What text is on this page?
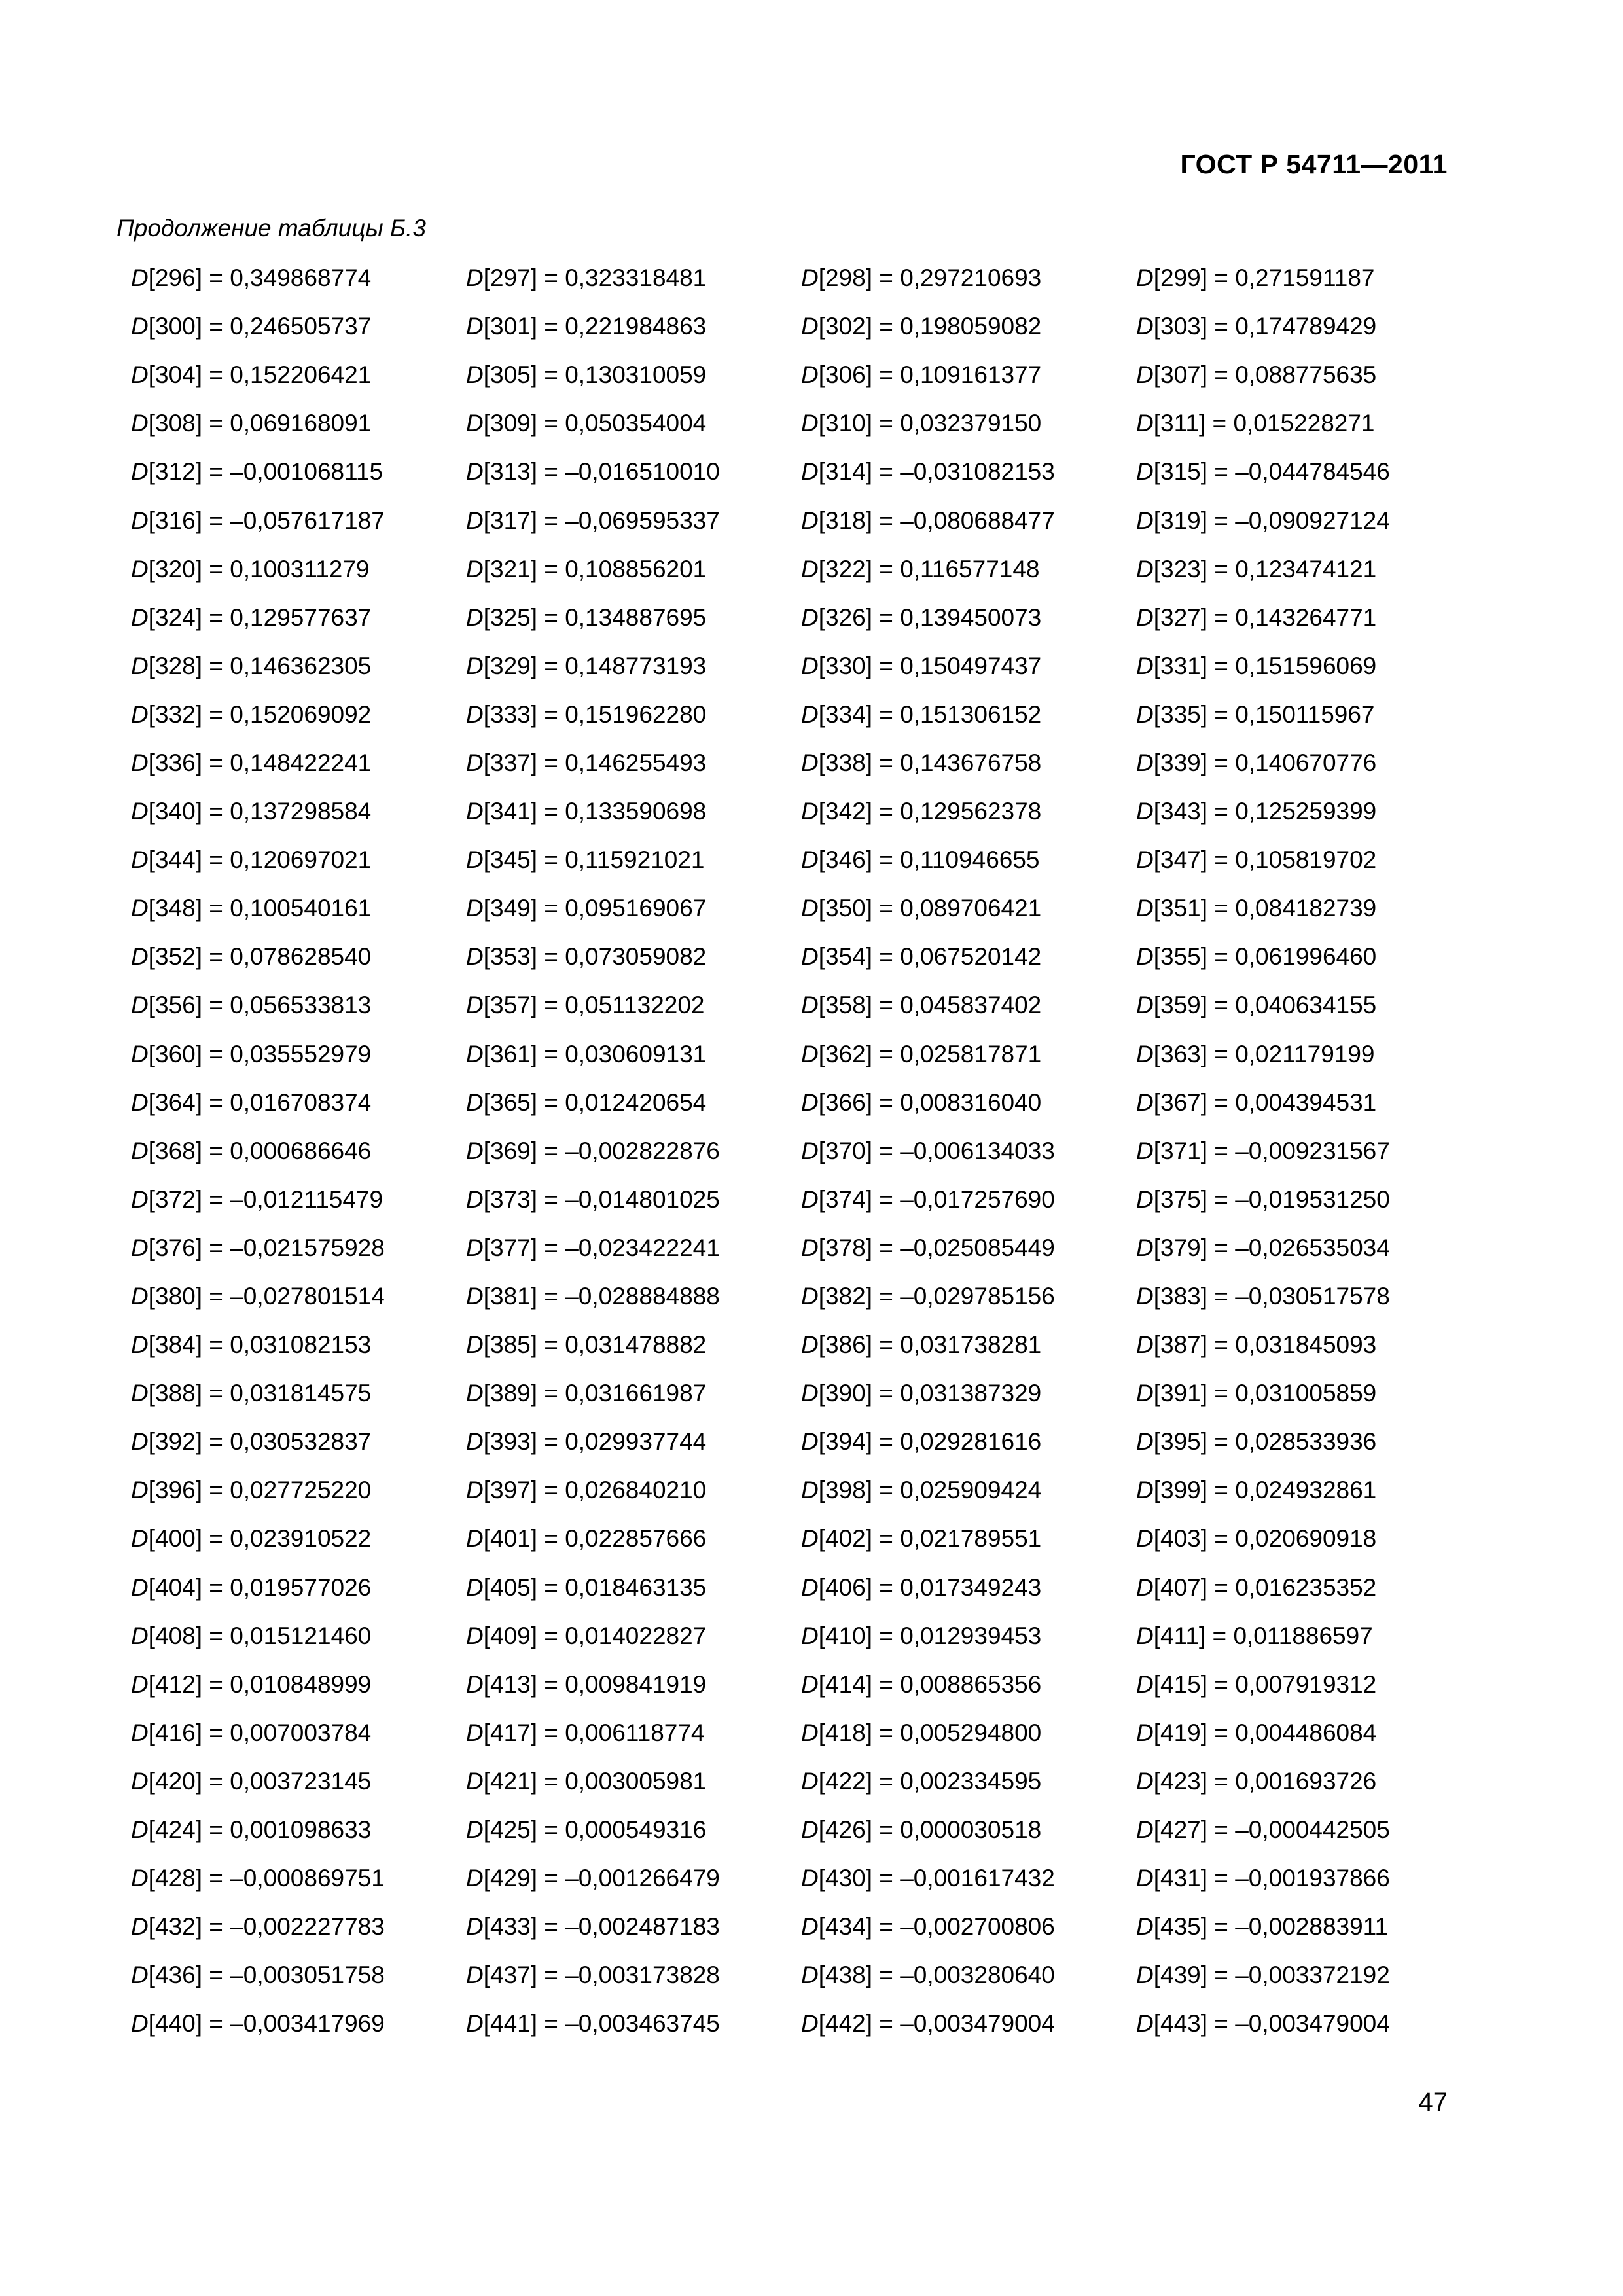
ГОСТ Р 54711—2011
Продолжение таблицы Б.3
D[296] = 0,349868774	D[297] = 0,323318481	D[298] = 0,297210693	D[299] = 0,271591187
D[300] = 0,246505737	D[301] = 0,221984863	D[302] = 0,198059082	D[303] = 0,174789429
D[304] = 0,152206421	D[305] = 0,130310059	D[306] = 0,109161377	D[307] = 0,088775635
D[308] = 0,069168091	D[309] = 0,050354004	D[310] = 0,032379150	D[311] = 0,015228271
D[312] = –0,001068115	D[313] = –0,016510010	D[314] = –0,031082153	D[315] = –0,044784546
D[316] = –0,057617187	D[317] = –0,069595337	D[318] = –0,080688477	D[319] = –0,090927124
D[320] = 0,100311279	D[321] = 0,108856201	D[322] = 0,116577148	D[323] = 0,123474121
D[324] = 0,129577637	D[325] = 0,134887695	D[326] = 0,139450073	D[327] = 0,143264771
D[328] = 0,146362305	D[329] = 0,148773193	D[330] = 0,150497437	D[331] = 0,151596069
D[332] = 0,152069092	D[333] = 0,151962280	D[334] = 0,151306152	D[335] = 0,150115967
D[336] = 0,148422241	D[337] = 0,146255493	D[338] = 0,143676758	D[339] = 0,140670776
D[340] = 0,137298584	D[341] = 0,133590698	D[342] = 0,129562378	D[343] = 0,125259399
D[344] = 0,120697021	D[345] = 0,115921021	D[346] = 0,110946655	D[347] = 0,105819702
D[348] = 0,100540161	D[349] = 0,095169067	D[350] = 0,089706421	D[351] = 0,084182739
D[352] = 0,078628540	D[353] = 0,073059082	D[354] = 0,067520142	D[355] = 0,061996460
D[356] = 0,056533813	D[357] = 0,051132202	D[358] = 0,045837402	D[359] = 0,040634155
D[360] = 0,035552979	D[361] = 0,030609131	D[362] = 0,025817871	D[363] = 0,021179199
D[364] = 0,016708374	D[365] = 0,012420654	D[366] = 0,008316040	D[367] = 0,004394531
D[368] = 0,000686646	D[369] = –0,002822876	D[370] = –0,006134033	D[371] = –0,009231567
D[372] = –0,012115479	D[373] = –0,014801025	D[374] = –0,017257690	D[375] = –0,019531250
D[376] = –0,021575928	D[377] = –0,023422241	D[378] = –0,025085449	D[379] = –0,026535034
D[380] = –0,027801514	D[381] = –0,028884888	D[382] = –0,029785156	D[383] = –0,030517578
D[384] = 0,031082153	D[385] = 0,031478882	D[386] = 0,031738281	D[387] = 0,031845093
D[388] = 0,031814575	D[389] = 0,031661987	D[390] = 0,031387329	D[391] = 0,031005859
D[392] = 0,030532837	D[393] = 0,029937744	D[394] = 0,029281616	D[395] = 0,028533936
D[396] = 0,027725220	D[397] = 0,026840210	D[398] = 0,025909424	D[399] = 0,024932861
D[400] = 0,023910522	D[401] = 0,022857666	D[402] = 0,021789551	D[403] = 0,020690918
D[404] = 0,019577026	D[405] = 0,018463135	D[406] = 0,017349243	D[407] = 0,016235352
D[408] = 0,015121460	D[409] = 0,014022827	D[410] = 0,012939453	D[411] = 0,011886597
D[412] = 0,010848999	D[413] = 0,009841919	D[414] = 0,008865356	D[415] = 0,007919312
D[416] = 0,007003784	D[417] = 0,006118774	D[418] = 0,005294800	D[419] = 0,004486084
D[420] = 0,003723145	D[421] = 0,003005981	D[422] = 0,002334595	D[423] = 0,001693726
D[424] = 0,001098633	D[425] = 0,000549316	D[426] = 0,000030518	D[427] = –0,000442505
D[428] = –0,000869751	D[429] = –0,001266479	D[430] = –0,001617432	D[431] = –0,001937866
D[432] = –0,002227783	D[433] = –0,002487183	D[434] = –0,002700806	D[435] = –0,002883911
D[436] = –0,003051758	D[437] = –0,003173828	D[438] = –0,003280640	D[439] = –0,003372192
D[440] = –0,003417969	D[441] = –0,003463745	D[442] = –0,003479004	D[443] = –0,003479004
47
